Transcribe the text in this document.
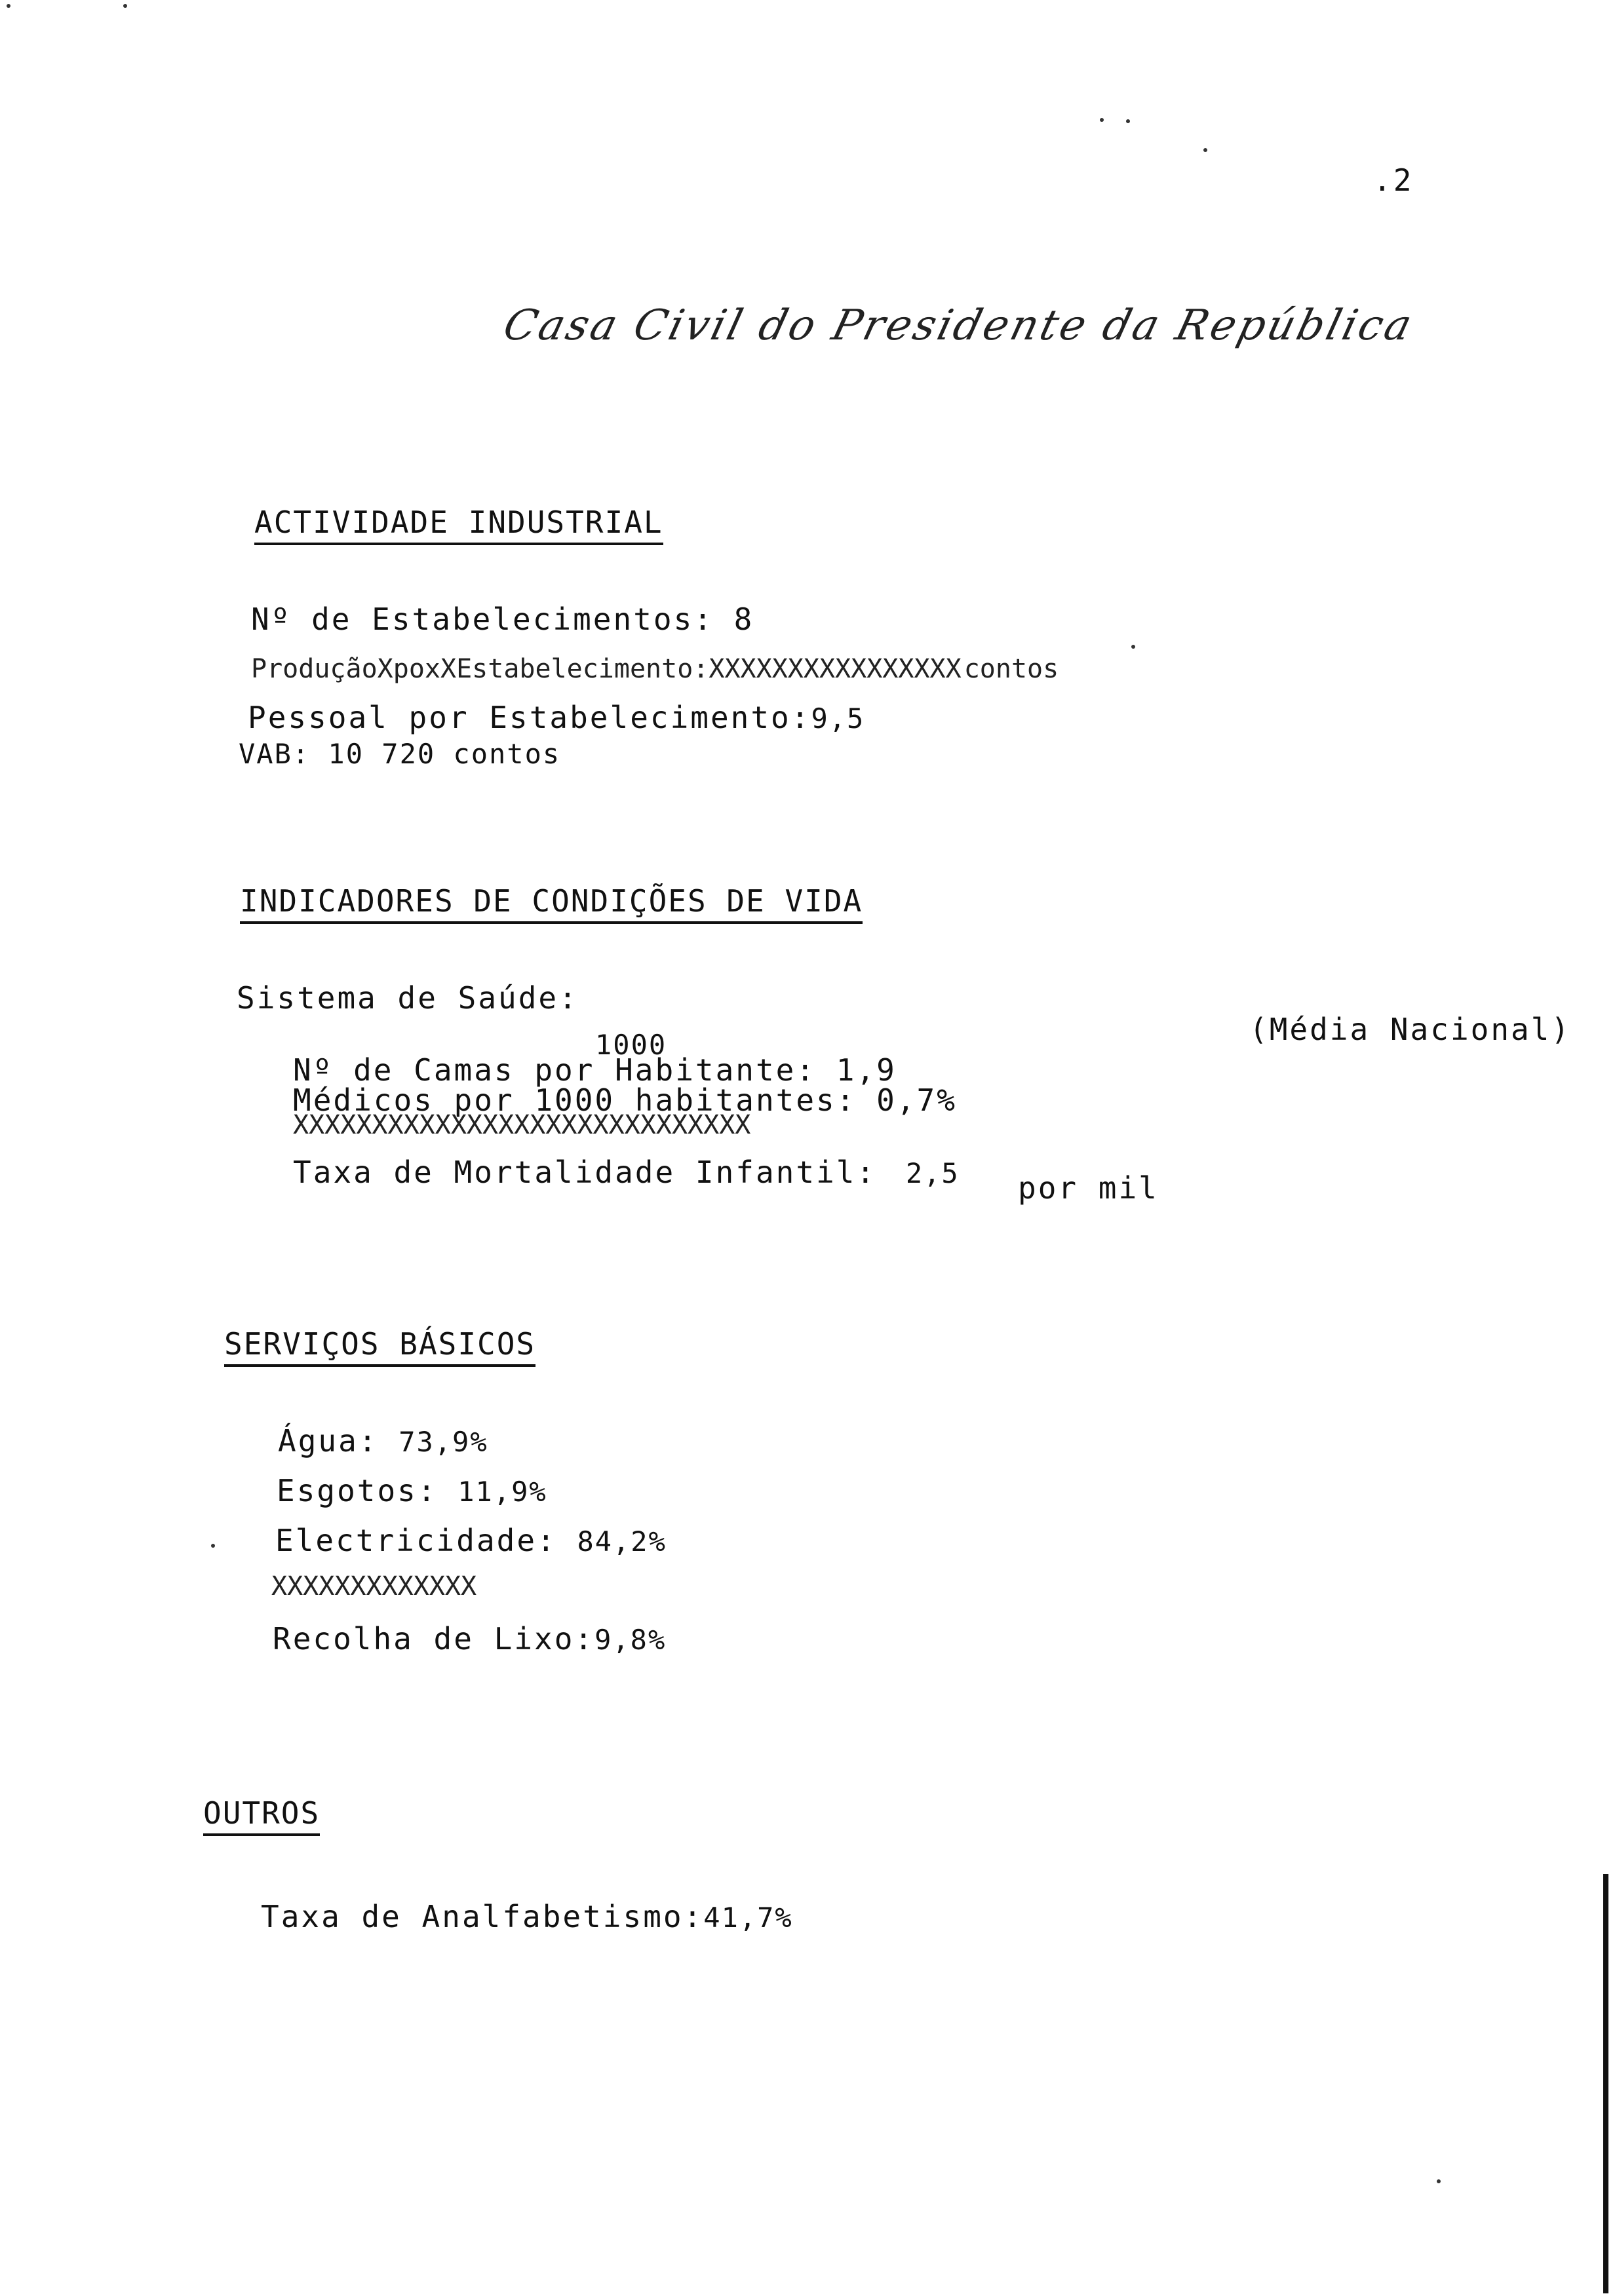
.2
Casa Civil do Presidente da República
ACTIVIDADE INDUSTRIAL
Nº de Estabelecimentos: 8
ProduçãoXpoxXEstabelecimento:XXXXXXXXXXXXXXXX contos
Pessoal por Estabelecimento:9,5
VAB: 10 720 contos
INDICADORES DE CONDIÇÕES DE VIDA
Sistema de Saúde:
(Média Nacional)
1000
Nº de Camas por Habitante: 1,9
Médicos por 1000 habitantes: 0,7%
XXXXXXXXXXXXXXXXXXXXXXXXXXXXX
Taxa de Mortalidade Infantil: 2,5 por mil
SERVIÇOS BÁSICOS
Água: 73,9%
Esgotos: 11,9%
Electricidade: 84,2%
XXXXXXXXXXXXX
Recolha de Lixo:9,8%
OUTROS
Taxa de Analfabetismo:41,7%
